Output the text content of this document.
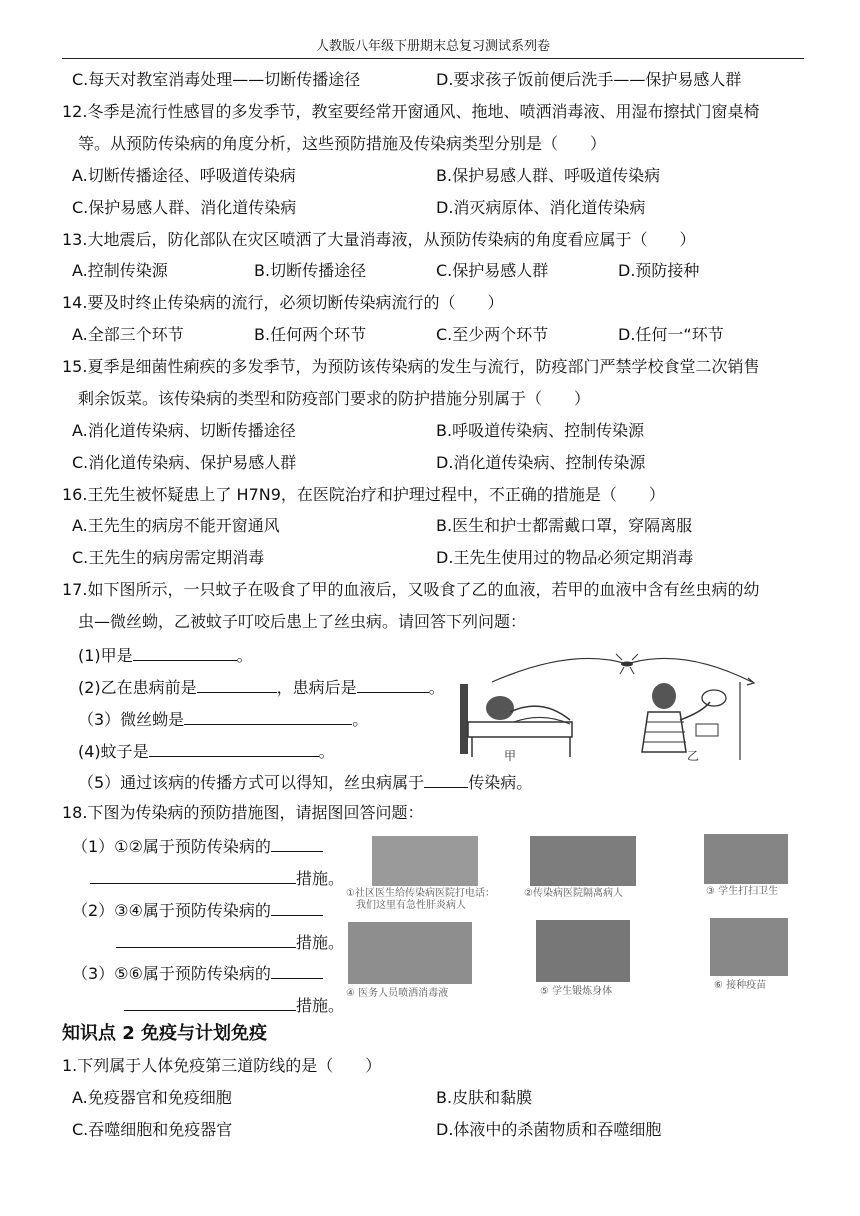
人教版八年级下册期末总复习测试系列卷
C.每天对教室消毒处理——切断传播途径	D.要求孩子饭前便后洗手——保护易感人群
12.冬季是流行性感冒的多发季节，教室要经常开窗通风、拖地、喷洒消毒液、用湿布擦拭门窗桌椅
等。从预防传染病的角度分析，这些预防措施及传染病类型分别是（　　）
A.切断传播途径、呼吸道传染病	B.保护易感人群、呼吸道传染病
C.保护易感人群、消化道传染病	D.消灭病原体、消化道传染病
13.大地震后，防化部队在灾区喷洒了大量消毒液，从预防传染病的角度看应属于（　　）
A.控制传染源	B.切断传播途径	C.保护易感人群	D.预防接种
14.要及时终止传染病的流行，必须切断传染病流行的（　　）
A.全部三个环节	B.任何两个环节	C.至少两个环节	D.任何一“环节
15.夏季是细菌性痢疾的多发季节，为预防该传染病的发生与流行，防疫部门严禁学校食堂二次销售
剩余饭菜。该传染病的类型和防疫部门要求的防护措施分别属于（　　）
A.消化道传染病、切断传播途径	B.呼吸道传染病、控制传染源
C.消化道传染病、保护易感人群	D.消化道传染病、控制传染源
16.王先生被怀疑患上了 H7N9，在医院治疗和护理过程中，不正确的措施是（　　）
A.王先生的病房不能开窗通风	B.医生和护士都需戴口罩，穿隔离服
C.王先生的病房需定期消毒	D.王先生使用过的物品必须定期消毒
17.如下图所示，一只蚊子在吸食了甲的血液后，又吸食了乙的血液，若甲的血液中含有丝虫病的幼
虫—微丝蚴，乙被蚊子叮咬后患上了丝虫病。请回答下列问题：
(1)甲是	。
(2)乙在患病前是	，患病后是	。
（3）微丝蚴是	。
(4)蚊子是	。
（5）通过该病的传播方式可以得知，丝虫病属于	传染病。
甲	乙
18.下图为传染病的预防措施图，请据图回答问题：
（1）①②属于预防传染病的
措施。
（2）③④属于预防传染病的
措施。
（3）⑤⑥属于预防传染病的
措施。
①社区医生给传染病医院打电话：
我们这里有急性肝炎病人
②传染病医院隔离病人	③ 学生打扫卫生
④ 医务人员喷洒消毒液	⑤ 学生锻炼身体
⑥ 接种疫苗
知识点 2 免疫与计划免疫
1.下列属于人体免疫第三道防线的是（　　）
A.免疫器官和免疫细胞	B.皮肤和黏膜
C.吞噬细胞和免疫器官	D.体液中的杀菌物质和吞噬细胞
